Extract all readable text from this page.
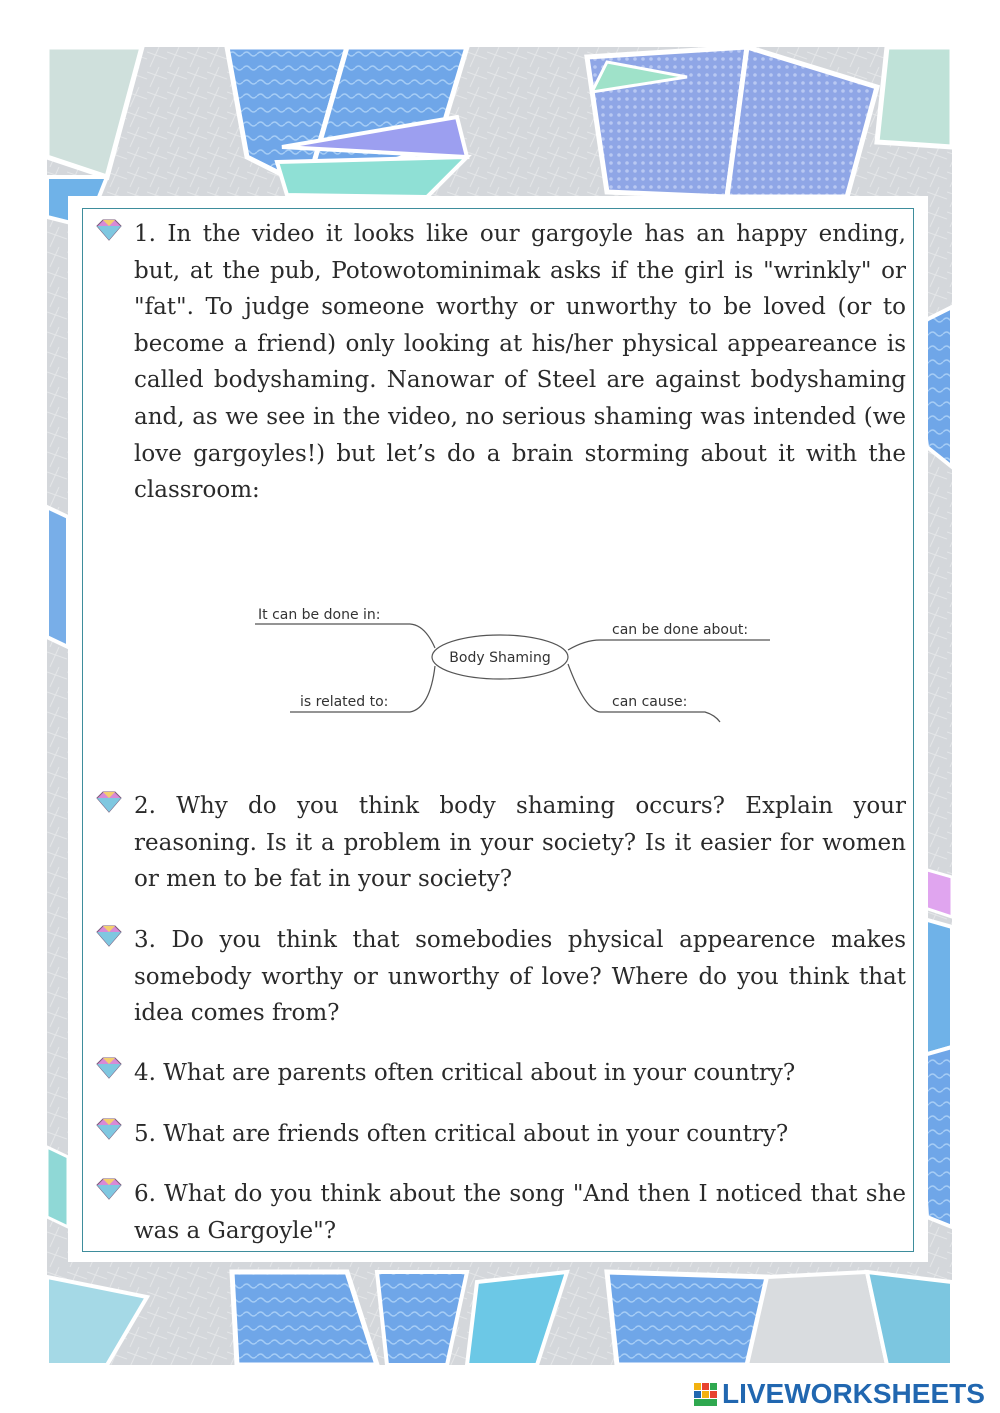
1. In the video it looks like our gargoyle has an happy ending, but, at the pub, Potowotominimak asks if the girl is "wrinkly" or "fat". To judge someone worthy or unworthy to be loved (or to become a friend) only looking at his/her physical appeareance is called bodyshaming. Nanowar of Steel are against bodyshaming and, as we see in the video, no serious shaming was intended (we love gargoyles!) but let’s do a brain storming about it with the classroom:
Body Shaming
It can be done in:
is related to:
can be done about:
can cause:
2. Why do you think body shaming occurs? Explain your reasoning. Is it a problem in your society? Is it easier for women or men to be fat in your society?
3. Do you think that somebodies physical appearence makes somebody worthy or unworthy of love? Where do you think that idea comes from?
4. What are parents often critical about in your country?
5. What are friends often critical about in your country?
6. What do you think about the song "And then I noticed that she was a Gargoyle"?
LIVEWORKSHEETS
